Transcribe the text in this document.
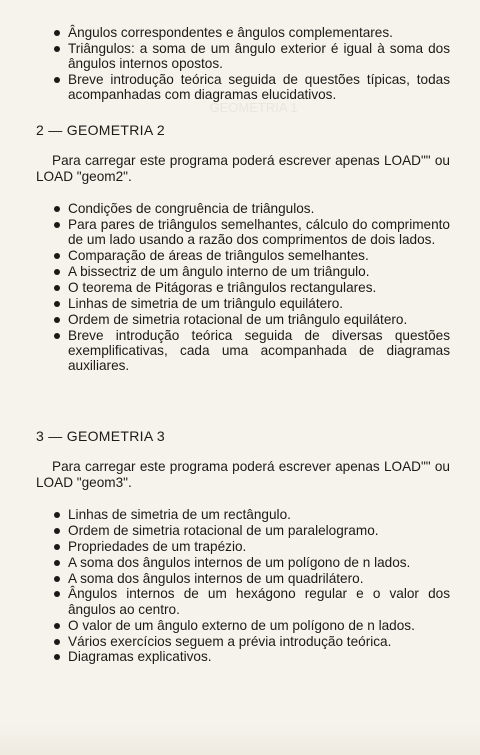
GEOMETRIA 1
Ângulos correspondentes e ângulos complementares.
Triângulos: a soma de um ângulo exterior é igual à soma dos ângulos internos opostos.
Breve introdução teórica seguida de questões típicas, todas acompanhadas com diagramas elucidativos.
2 — GEOMETRIA 2
Para carregar este programa poderá escrever apenas LOAD"" ou LOAD "geom2".
Condições de congruência de triângulos.
Para pares de triângulos semelhantes, cálculo do comprimento de um lado usando a razão dos comprimentos de dois lados.
Comparação de áreas de triângulos semelhantes.
A bissectriz de um ângulo interno de um triângulo.
O teorema de Pitágoras e triângulos rectangulares.
Linhas de simetria de um triângulo equilátero.
Ordem de simetria rotacional de um triângulo equilátero.
Breve introdução teórica seguida de diversas questões exemplificativas, cada uma acompanhada de diagramas auxiliares.
3 — GEOMETRIA 3
Para carregar este programa poderá escrever apenas LOAD"" ou LOAD "geom3".
Linhas de simetria de um rectângulo.
Ordem de simetria rotacional de um paralelogramo.
Propriedades de um trapézio.
A soma dos ângulos internos de um polígono de n lados.
A soma dos ângulos internos de um quadrilátero.
Ângulos internos de um hexágono regular e o valor dos ângulos ao centro.
O valor de um ângulo externo de um polígono de n lados.
Vários exercícios seguem a prévia introdução teórica.
Diagramas explicativos.
